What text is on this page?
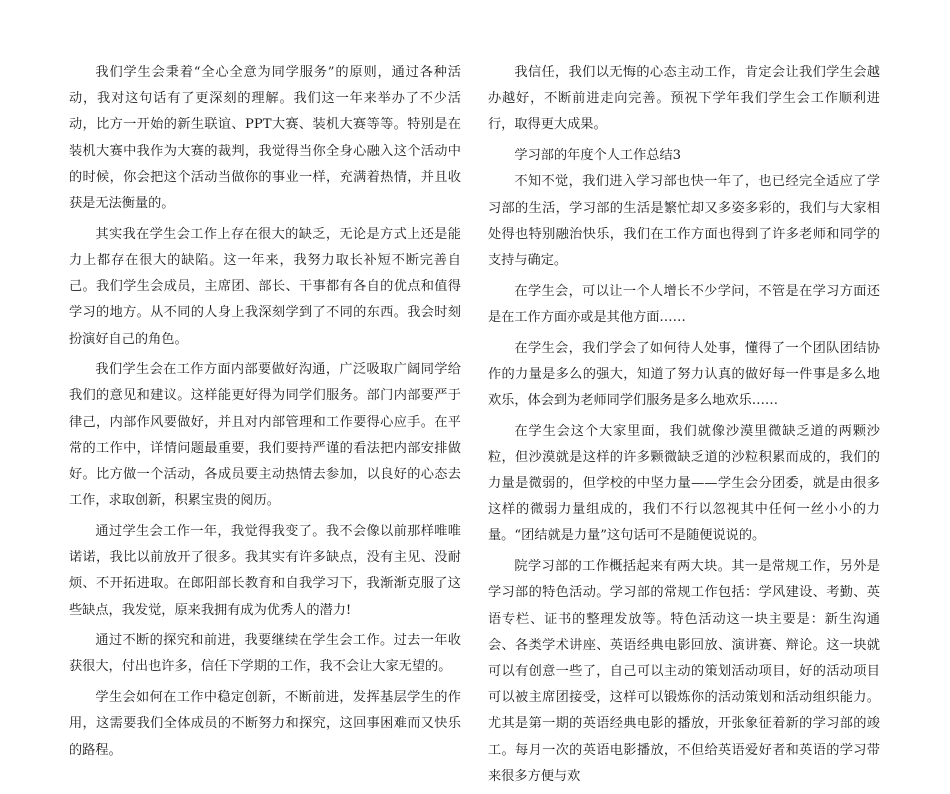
我们学生会秉着“全心全意为同学服务”的原则，通过各种活动，我对这句话有了更深刻的理解。我们这一年来举办了不少活动，比方一开始的新生联谊、PPT大赛、装机大赛等等。特别是在装机大赛中我作为大赛的裁判，我觉得当你全身心融入这个活动中的时候，你会把这个活动当做你的事业一样，充满着热情，并且收获是无法衡量的。

其实我在学生会工作上存在很大的缺乏，无论是方式上还是能力上都存在很大的缺陷。这一年来，我努力取长补短不断完善自己。我们学生会成员，主席团、部长、干事都有各自的优点和值得学习的地方。从不同的人身上我深刻学到了不同的东西。我会时刻扮演好自己的角色。

我们学生会在工作方面内部要做好沟通，广泛吸取广阔同学给我们的意见和建议。这样能更好得为同学们服务。部门内部要严于律己，内部作风要做好，并且对内部管理和工作要得心应手。在平常的工作中，详情问题最重要，我们要持严谨的看法把内部安排做好。比方做一个活动，各成员要主动热情去参加，以良好的心态去工作，求取创新，积累宝贵的阅历。

通过学生会工作一年，我觉得我变了。我不会像以前那样唯唯诺诺，我比以前放开了很多。我其实有许多缺点，没有主见、没耐烦、不开拓进取。在郎阳部长教育和自我学习下，我渐渐克服了这些缺点，我发觉，原来我拥有成为优秀人的潜力!

通过不断的探究和前进，我要继续在学生会工作。过去一年收获很大，付出也许多，信任下学期的工作，我不会让大家无望的。

学生会如何在工作中稳定创新，不断前进，发挥基层学生的作用，这需要我们全体成员的不断努力和探究，这回事困难而又快乐的路程。

我信任，我们以无悔的心态主动工作，肯定会让我们学生会越办越好，不断前进走向完善。预祝下学年我们学生会工作顺利进行，取得更大成果。

学习部的年度个人工作总结3

不知不觉，我们进入学习部也快一年了，也已经完全适应了学习部的生活，学习部的生活是繁忙却又多姿多彩的，我们与大家相处得也特别融治快乐，我们在工作方面也得到了许多老师和同学的支持与确定。

在学生会，可以让一个人增长不少学问，不管是在学习方面还是在工作方面亦或是其他方面……

在学生会，我们学会了如何待人处事，懂得了一个团队团结协作的力量是多么的强大，知道了努力认真的做好每一件事是多么地欢乐，体会到为老师同学们服务是多么地欢乐……

在学生会这个大家里面，我们就像沙漠里微缺乏道的两颗沙粒，但沙漠就是这样的许多颗微缺乏道的沙粒积累而成的，我们的力量是微弱的，但学校的中坚力量——学生会分团委，就是由很多这样的微弱力量组成的，我们不行以忽视其中任何一丝小小的力量。“团结就是力量”这句话可不是随便说说的。

院学习部的工作概括起来有两大块。其一是常规工作，另外是学习部的特色活动。学习部的常规工作包括：学风建设、考勤、英语专栏、证书的整理发放等。特色活动这一块主要是：新生沟通会、各类学术讲座、英语经典电影回放、演讲赛、辩论。这一块就可以有创意一些了，自己可以主动的策划活动项目，好的活动项目可以被主席团接受，这样可以锻炼你的活动策划和活动组织能力。尤其是第一期的英语经典电影的播放，开张象征着新的学习部的竣工。每月一次的英语电影播放，不但给英语爱好者和英语的学习带来很多方便与欢
